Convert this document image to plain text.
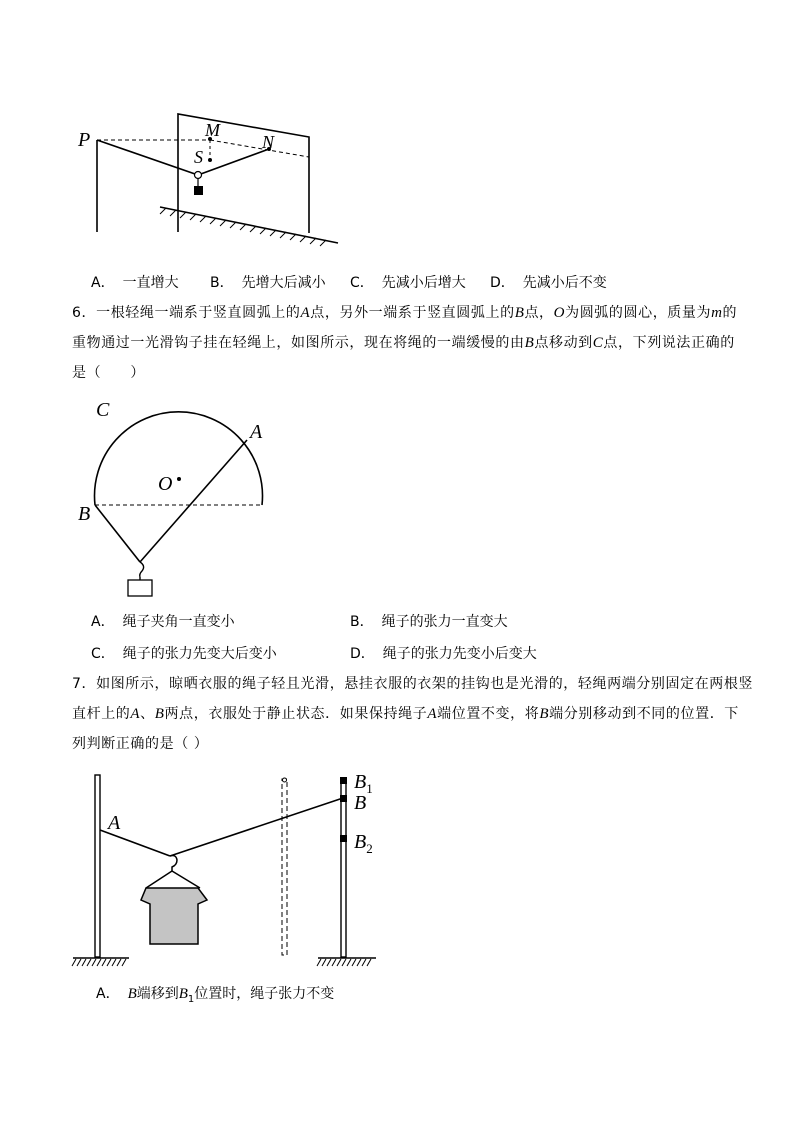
P	M
S
N
A． 一直增大 B． 先增大后减小 C． 先减小后增大 D． 先减小后不变
6．一根轻绳一端系于竖直圆弧上的A点，另外一端系于竖直圆弧上的B点，O为圆弧的圆心，质量为m的
重物通过一光滑钩子挂在轻绳上，如图所示，现在将绳的一端缓慢的由B点移动到C点，下列说法正确的
是（　　）
C
A
O
B
A． 绳子夹角一直变小	B． 绳子的张力一直变大
C． 绳子的张力先变大后变小	D． 绳子的张力先变小后变大
7．如图所示，晾晒衣服的绳子轻且光滑，悬挂衣服的衣架的挂钩也是光滑的，轻绳两端分别固定在两根竖
直杆上的A、B两点，衣服处于静止状态．如果保持绳子A端位置不变，将B端分别移动到不同的位置．下
列判断正确的是（ ）
A
$B_1$
B
$B_2$
A． B端移到$B_1$位置时，绳子张力不变
